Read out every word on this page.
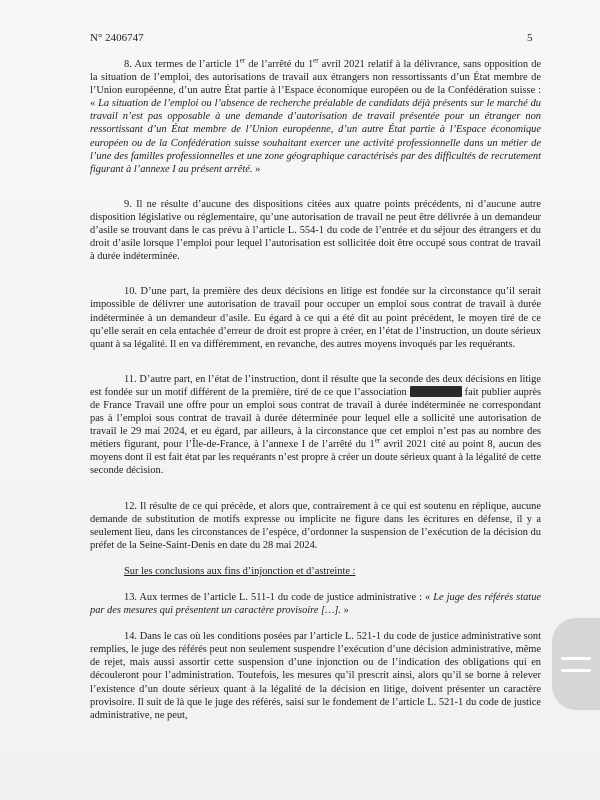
N° 2406747	5

8. Aux termes de l’article 1er de l’arrêté du 1er avril 2021 relatif à la délivrance, sans opposition de la situation de l’emploi, des autorisations de travail aux étrangers non ressortissants d’un État membre de l’Union européenne, d’un autre État partie à l’Espace économique européen ou de la Confédération suisse : « La situation de l’emploi ou l’absence de recherche préalable de candidats déjà présents sur le marché du travail n’est pas opposable à une demande d’autorisation de travail présentée pour un étranger non ressortissant d’un État membre de l’Union européenne, d’un autre État partie à l’Espace économique européen ou de la Confédération suisse souhaitant exercer une activité professionnelle dans un métier de l’une des familles professionnelles et une zone géographique caractérisés par des difficultés de recrutement figurant à l’annexe I au présent arrêté. »

9. Il ne résulte d’aucune des dispositions citées aux quatre points précédents, ni d’aucune autre disposition législative ou réglementaire, qu’une autorisation de travail ne peut être délivrée à un demandeur d’asile se trouvant dans le cas prévu à l’article L. 554-1 du code de l’entrée et du séjour des étrangers et du droit d’asile lorsque l’emploi pour lequel l’autorisation est sollicitée doit être occupé sous contrat de travail à durée indéterminée.

10. D’une part, la première des deux décisions en litige est fondée sur la circonstance qu’il serait impossible de délivrer une autorisation de travail pour occuper un emploi sous contrat de travail à durée indéterminée à un demandeur d’asile. Eu égard à ce qui a été dit au point précédent, le moyen tiré de ce qu’elle serait en cela entachée d’erreur de droit est propre à créer, en l’état de l’instruction, un doute sérieux quant à sa légalité. Il en va différemment, en revanche, des autres moyens invoqués par les requérants.

11. D’autre part, en l’état de l’instruction, dont il résulte que la seconde des deux décisions en litige est fondée sur un motif différent de la première, tiré de ce que l’association	fait publier auprès de France Travail une offre pour un emploi sous contrat de travail à durée indéterminée ne correspondant pas à l’emploi sous contrat de travail à durée déterminée pour lequel elle a sollicité une autorisation de travail le 29 mai 2024, et eu égard, par ailleurs, à la circonstance que cet emploi n’est pas au nombre des métiers figurant, pour l’Île-de-France, à l’annexe I de l’arrêté du 1er avril 2021 cité au point 8, aucun des moyens dont il est fait état par les requérants n’est propre à créer un doute sérieux quant à la légalité de cette seconde décision.

12. Il résulte de ce qui précède, et alors que, contrairement à ce qui est soutenu en réplique, aucune demande de substitution de motifs expresse ou implicite ne figure dans les écritures en défense, il y a seulement lieu, dans les circonstances de l’espèce, d’ordonner la suspension de l’exécution de la décision du préfet de la Seine-Saint-Denis en date du 28 mai 2024.

Sur les conclusions aux fins d’injonction et d’astreinte :

13. Aux termes de l’article L. 511-1 du code de justice administrative : « Le juge des référés statue par des mesures qui présentent un caractère provisoire […]. »

14. Dans le cas où les conditions posées par l’article L. 521-1 du code de justice administrative sont remplies, le juge des référés peut non seulement suspendre l’exécution d’une décision administrative, même de rejet, mais aussi assortir cette suspension d’une injonction ou de l’indication des obligations qui en découleront pour l’administration. Toutefois, les mesures qu’il prescrit ainsi, alors qu’il se borne à relever l’existence d’un doute sérieux quant à la légalité de la décision en litige, doivent présenter un caractère provisoire. Il suit de là que le juge des référés, saisi sur le fondement de l’article L. 521-1 du code de justice administrative, ne peut,
